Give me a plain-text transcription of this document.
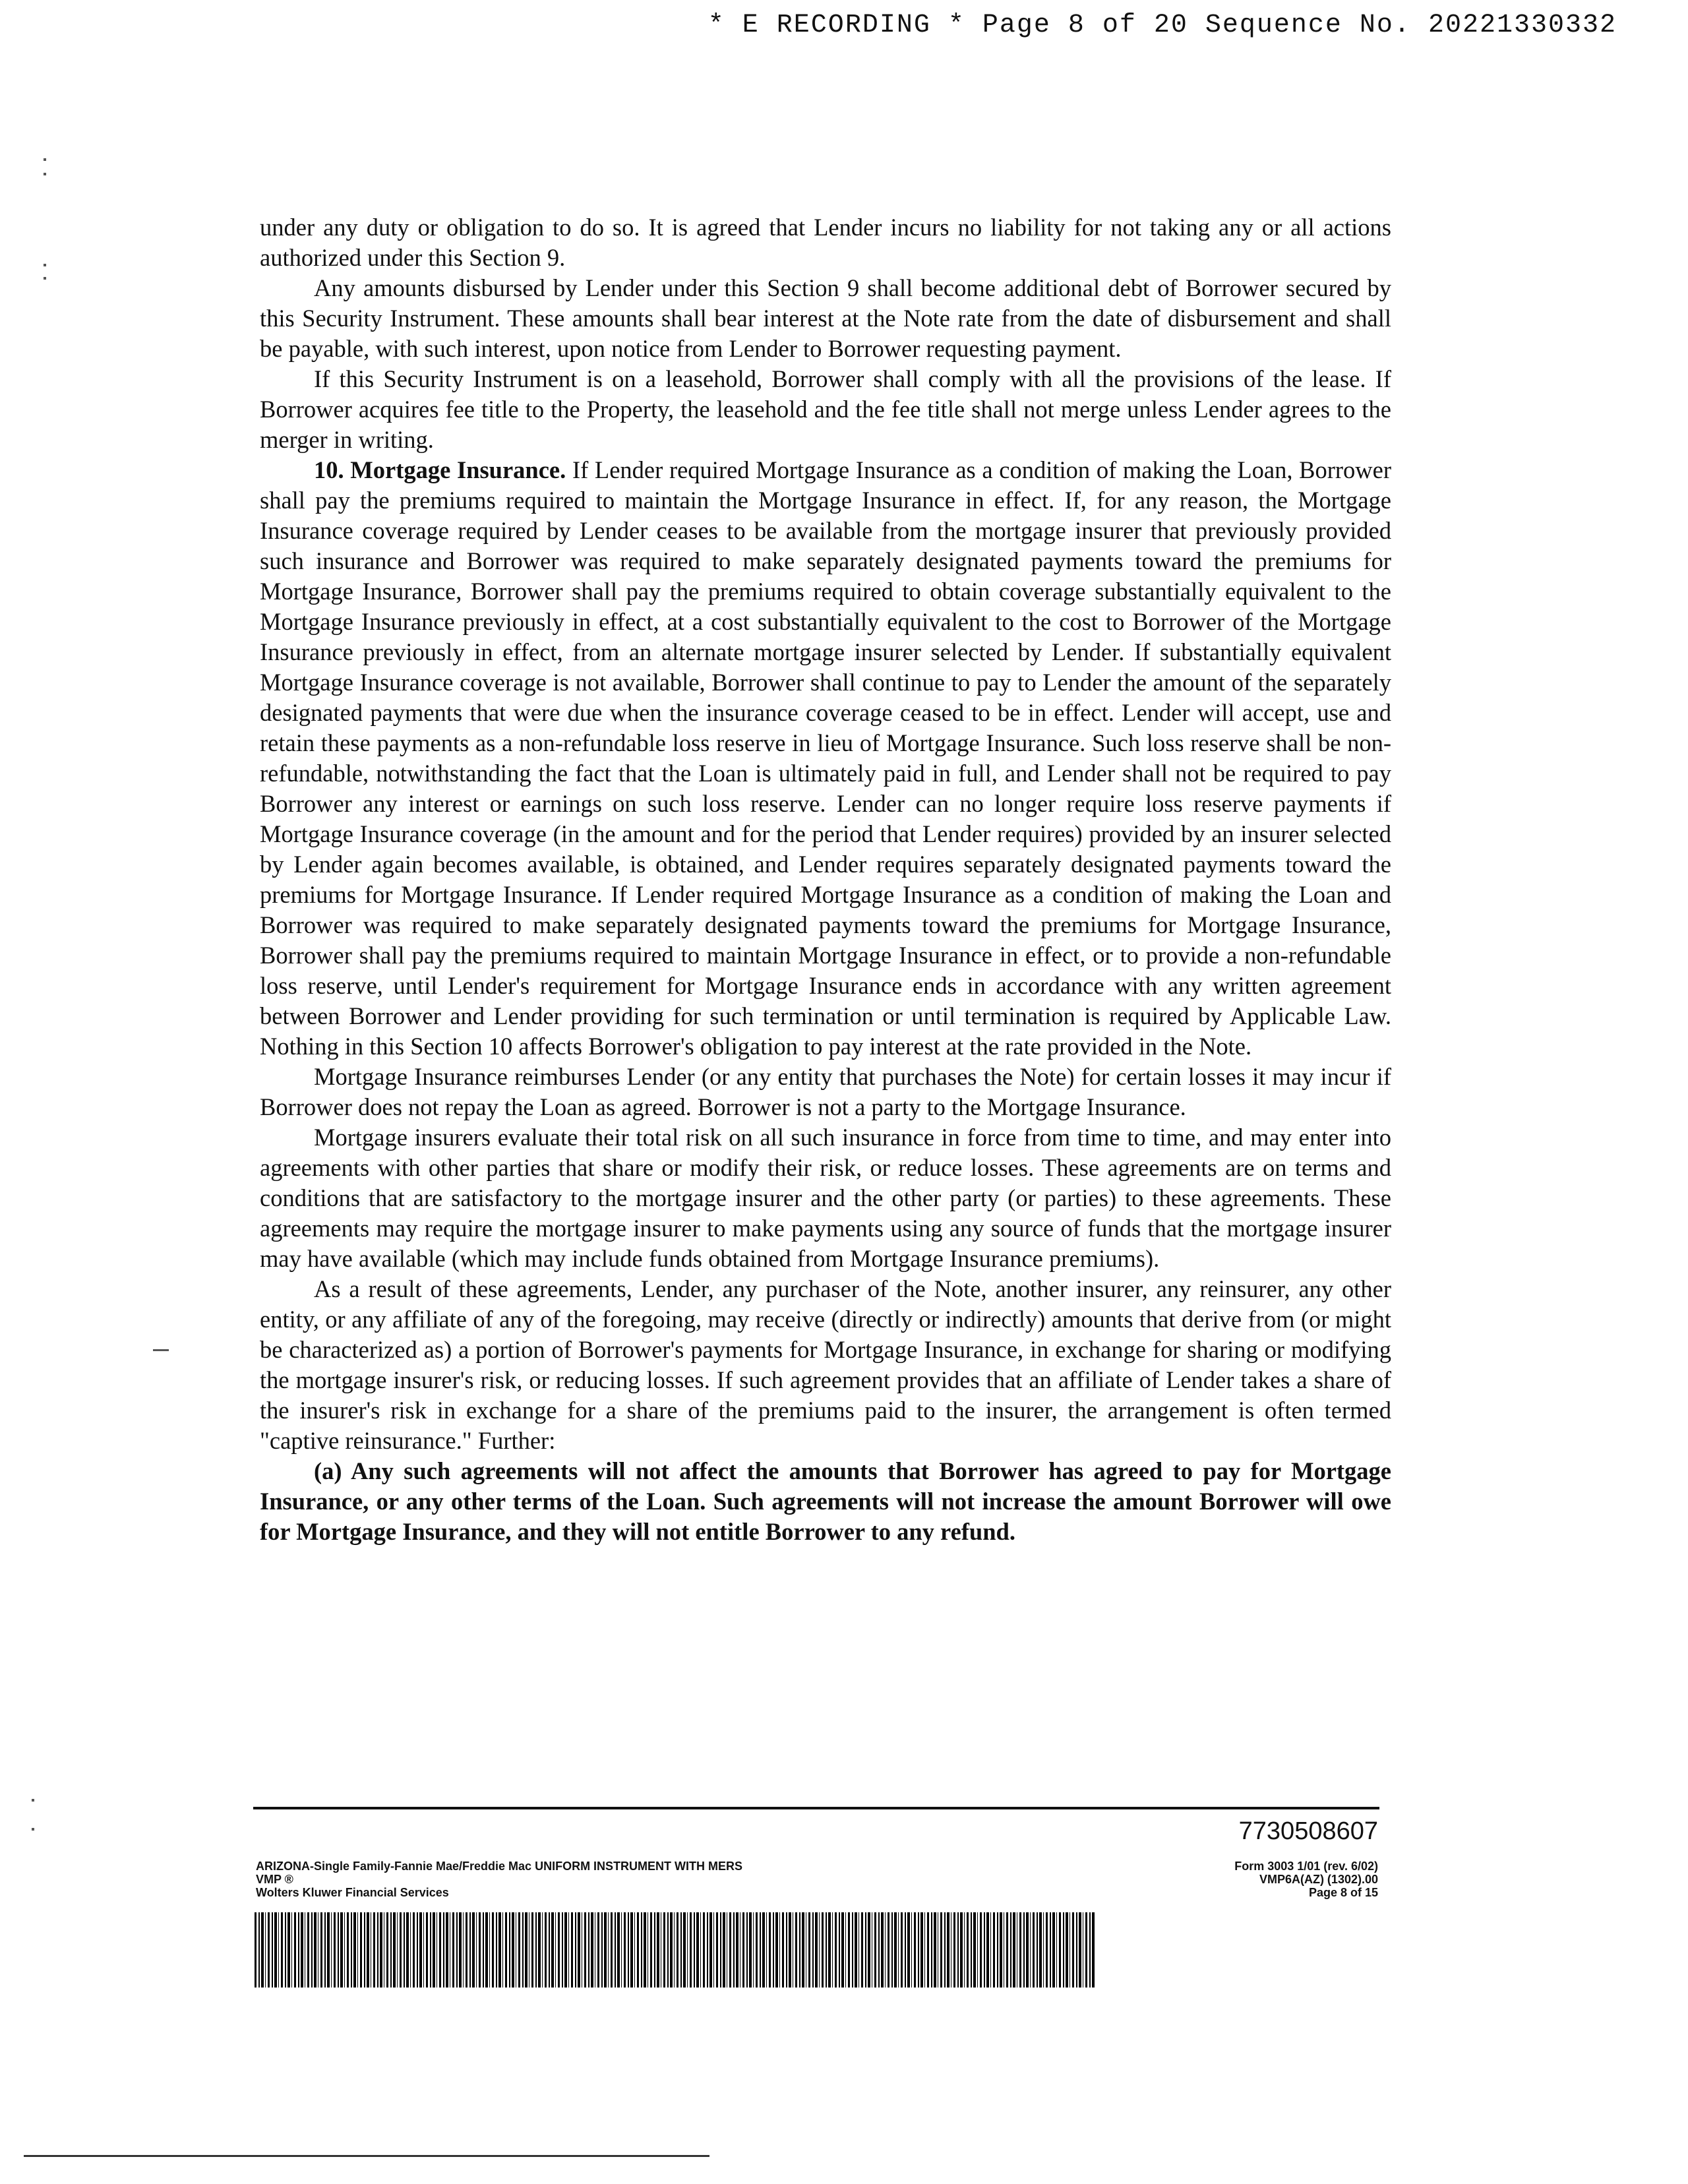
* E RECORDING * Page 8 of 20 Sequence No. 20221330332

under any duty or obligation to do so. It is agreed that Lender incurs no liability for not taking any or all actions authorized under this Section 9.

Any amounts disbursed by Lender under this Section 9 shall become additional debt of Borrower secured by this Security Instrument. These amounts shall bear interest at the Note rate from the date of disbursement and shall be payable, with such interest, upon notice from Lender to Borrower requesting payment.

If this Security Instrument is on a leasehold, Borrower shall comply with all the provisions of the lease. If Borrower acquires fee title to the Property, the leasehold and the fee title shall not merge unless Lender agrees to the merger in writing.

10. Mortgage Insurance. If Lender required Mortgage Insurance as a condition of making the Loan, Borrower shall pay the premiums required to maintain the Mortgage Insurance in effect. If, for any reason, the Mortgage Insurance coverage required by Lender ceases to be available from the mortgage insurer that previously provided such insurance and Borrower was required to make separately designated payments toward the premiums for Mortgage Insurance, Borrower shall pay the premiums required to obtain coverage substantially equivalent to the Mortgage Insurance previously in effect, at a cost substantially equivalent to the cost to Borrower of the Mortgage Insurance previously in effect, from an alternate mortgage insurer selected by Lender. If substantially equivalent Mortgage Insurance coverage is not available, Borrower shall continue to pay to Lender the amount of the separately designated payments that were due when the insurance coverage ceased to be in effect. Lender will accept, use and retain these payments as a non-refundable loss reserve in lieu of Mortgage Insurance. Such loss reserve shall be non-refundable, notwithstanding the fact that the Loan is ultimately paid in full, and Lender shall not be required to pay Borrower any interest or earnings on such loss reserve. Lender can no longer require loss reserve payments if Mortgage Insurance coverage (in the amount and for the period that Lender requires) provided by an insurer selected by Lender again becomes available, is obtained, and Lender requires separately designated payments toward the premiums for Mortgage Insurance. If Lender required Mortgage Insurance as a condition of making the Loan and Borrower was required to make separately designated payments toward the premiums for Mortgage Insurance, Borrower shall pay the premiums required to maintain Mortgage Insurance in effect, or to provide a non-refundable loss reserve, until Lender's requirement for Mortgage Insurance ends in accordance with any written agreement between Borrower and Lender providing for such termination or until termination is required by Applicable Law. Nothing in this Section 10 affects Borrower's obligation to pay interest at the rate provided in the Note.

Mortgage Insurance reimburses Lender (or any entity that purchases the Note) for certain losses it may incur if Borrower does not repay the Loan as agreed. Borrower is not a party to the Mortgage Insurance.

Mortgage insurers evaluate their total risk on all such insurance in force from time to time, and may enter into agreements with other parties that share or modify their risk, or reduce losses. These agreements are on terms and conditions that are satisfactory to the mortgage insurer and the other party (or parties) to these agreements. These agreements may require the mortgage insurer to make payments using any source of funds that the mortgage insurer may have available (which may include funds obtained from Mortgage Insurance premiums).

As a result of these agreements, Lender, any purchaser of the Note, another insurer, any reinsurer, any other entity, or any affiliate of any of the foregoing, may receive (directly or indirectly) amounts that derive from (or might be characterized as) a portion of Borrower's payments for Mortgage Insurance, in exchange for sharing or modifying the mortgage insurer's risk, or reducing losses. If such agreement provides that an affiliate of Lender takes a share of the insurer's risk in exchange for a share of the premiums paid to the insurer, the arrangement is often termed "captive reinsurance." Further:

(a) Any such agreements will not affect the amounts that Borrower has agreed to pay for Mortgage Insurance, or any other terms of the Loan. Such agreements will not increase the amount Borrower will owe for Mortgage Insurance, and they will not entitle Borrower to any refund.

7730508607
ARIZONA-Single Family-Fannie Mae/Freddie Mac UNIFORM INSTRUMENT WITH MERS
VMP ®
Wolters Kluwer Financial Services
Form 3003 1/01 (rev. 6/02)
VMP6A(AZ) (1302).00
Page 8 of 15
